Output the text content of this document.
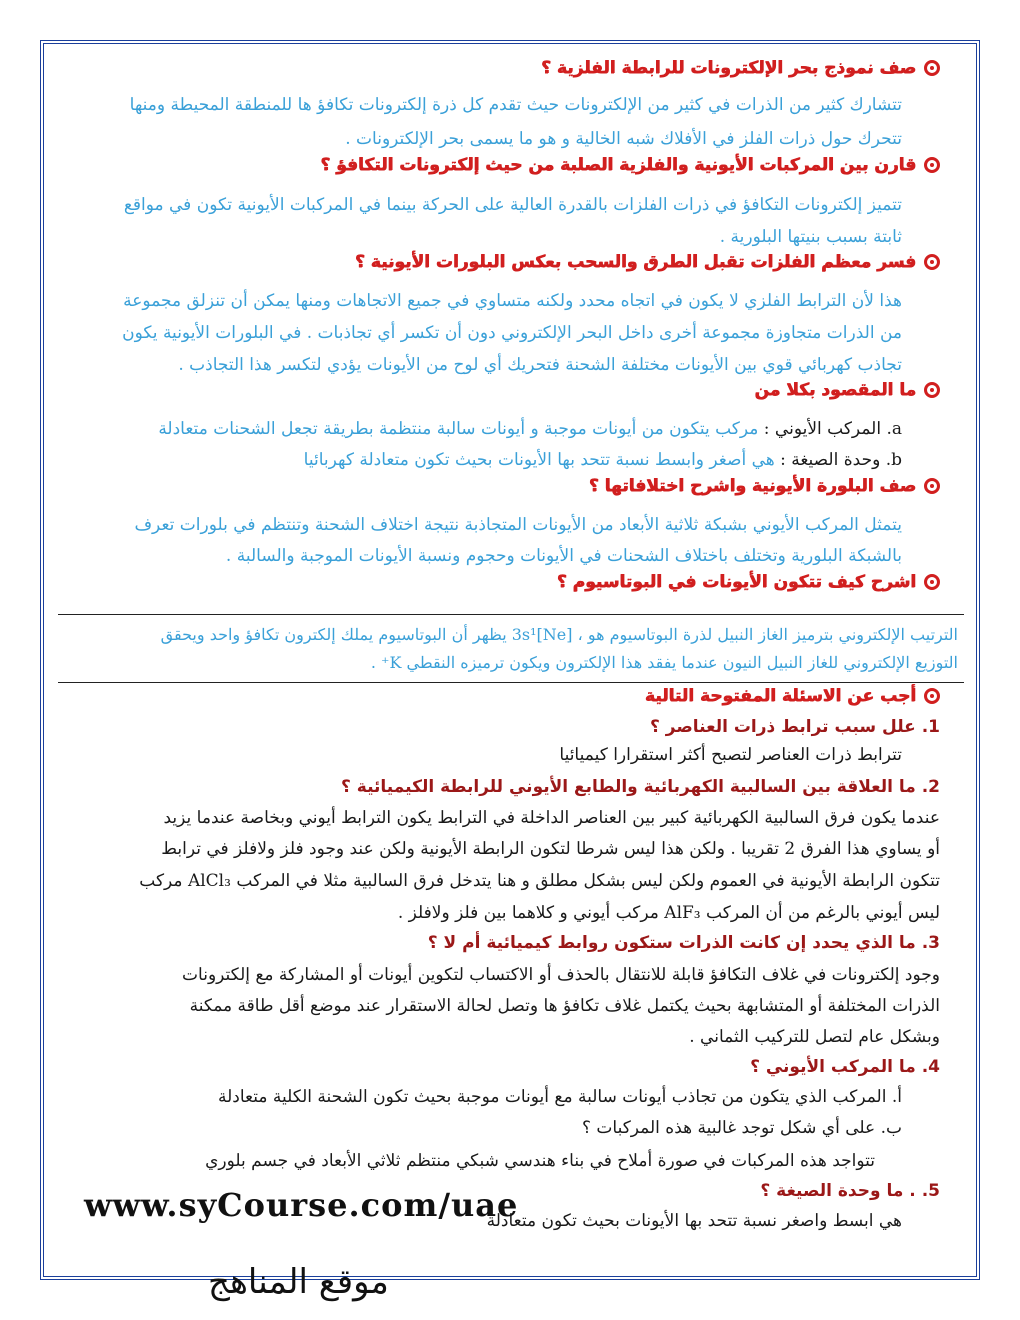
صف نموذج بحر الإلكترونات للرابطة الفلزية ؟
تتشارك كثير من الذرات في كثير من الإلكترونات حيث تقدم كل ذرة إلكترونات تكافؤ ها للمنطقة المحيطة ومنها
تتحرك حول ذرات الفلز في الأفلاك شبه الخالية و هو ما يسمى بحر الإلكترونات .
قارن بين المركبات الأيونية والفلزية الصلبة من حيث إلكترونات التكافؤ ؟
تتميز إلكترونات التكافؤ في ذرات الفلزات بالقدرة العالية على الحركة بينما في المركبات الأيونية تكون في مواقع
ثابتة بسبب بنيتها البلورية .
فسر معظم الفلزات تقبل الطرق والسحب بعكس البلورات الأيونية ؟
هذا لأن الترابط الفلزي لا يكون في اتجاه محدد ولكنه متساوي في جميع الاتجاهات ومنها يمكن أن تنزلق مجموعة
من الذرات متجاوزة مجموعة أخرى داخل البحر الإلكتروني دون أن تكسر أي تجاذبات . في البلورات الأيونية يكون
تجاذب كهربائي قوي بين الأيونات مختلفة الشحنة فتحريك أي لوح من الأيونات يؤدي لتكسر هذا التجاذب .
ما المقصود بكلا من
a. المركب الأيوني : مركب يتكون من أيونات موجبة و أيونات سالبة منتظمة بطريقة تجعل الشحنات متعادلة
b. وحدة الصيغة : هي أصغر وابسط نسبة تتحد بها الأيونات بحيث تكون متعادلة كهربائيا
صف البلورة الأيونية واشرح اختلافاتها ؟
يتمثل المركب الأيوني بشبكة ثلاثية الأبعاد من الأيونات المتجاذبة نتيجة اختلاف الشحنة وتنتظم في بلورات تعرف
بالشبكة البلورية وتختلف باختلاف الشحنات في الأيونات وحجوم ونسبة الأيونات الموجبة والسالبة .
اشرح كيف تتكون الأيونات في البوتاسيوم ؟
الترتيب الإلكتروني بترميز الغاز النبيل لذرة البوتاسيوم هو ، [Ne]3s¹ يظهر أن البوتاسيوم يملك إلكترون تكافؤ واحد ويحقق
التوزيع الإلكتروني للغاز النبيل النيون عندما يفقد هذا الإلكترون ويكون ترميزه النقطي K⁺ .
أجب عن الاسئلة المفتوحة التالية
1. علل سبب ترابط ذرات العناصر ؟
تترابط ذرات العناصر لتصبح أكثر استقرارا كيميائيا
2. ما العلاقة بين السالبية الكهربائية والطابع الأيوني للرابطة الكيميائية ؟
عندما يكون فرق السالبية الكهربائية كبير بين العناصر الداخلة في الترابط يكون الترابط أيوني وبخاصة عندما يزيد
أو يساوي هذا الفرق 2 تقريبا . ولكن هذا ليس شرطا لتكون الرابطة الأيونية ولكن عند وجود فلز ولافلز في ترابط
تتكون الرابطة الأيونية في العموم ولكن ليس بشكل مطلق و هنا يتدخل فرق السالبية مثلا في المركب AlCl₃ مركب
ليس أيوني بالرغم من أن المركب AlF₃ مركب أيوني و كلاهما بين فلز ولافلز .
3. ما الذي يحدد إن كانت الذرات ستكون روابط كيميائية أم لا ؟
وجود إلكترونات في غلاف التكافؤ قابلة للانتقال بالحذف أو الاكتساب لتكوين أيونات أو المشاركة مع إلكترونات
الذرات المختلفة أو المتشابهة بحيث يكتمل غلاف تكافؤ ها وتصل لحالة الاستقرار عند موضع أقل طاقة ممكنة
وبشكل عام لتصل للتركيب الثماني .
4. ما المركب الأيوني ؟
أ. المركب الذي يتكون من تجاذب أيونات سالبة مع أيونات موجبة بحيث تكون الشحنة الكلية متعادلة
ب. على أي شكل توجد غالبية هذه المركبات ؟
تتواجد هذه المركبات في صورة أملاح في بناء هندسي شبكي منتظم ثلاثي الأبعاد في جسم بلوري
5. . ما وحدة الصيغة ؟
هي ابسط واصغر نسبة تتحد بها الأيونات بحيث تكون متعادلة
www.syCourse.com/uae
موقع المناهج
